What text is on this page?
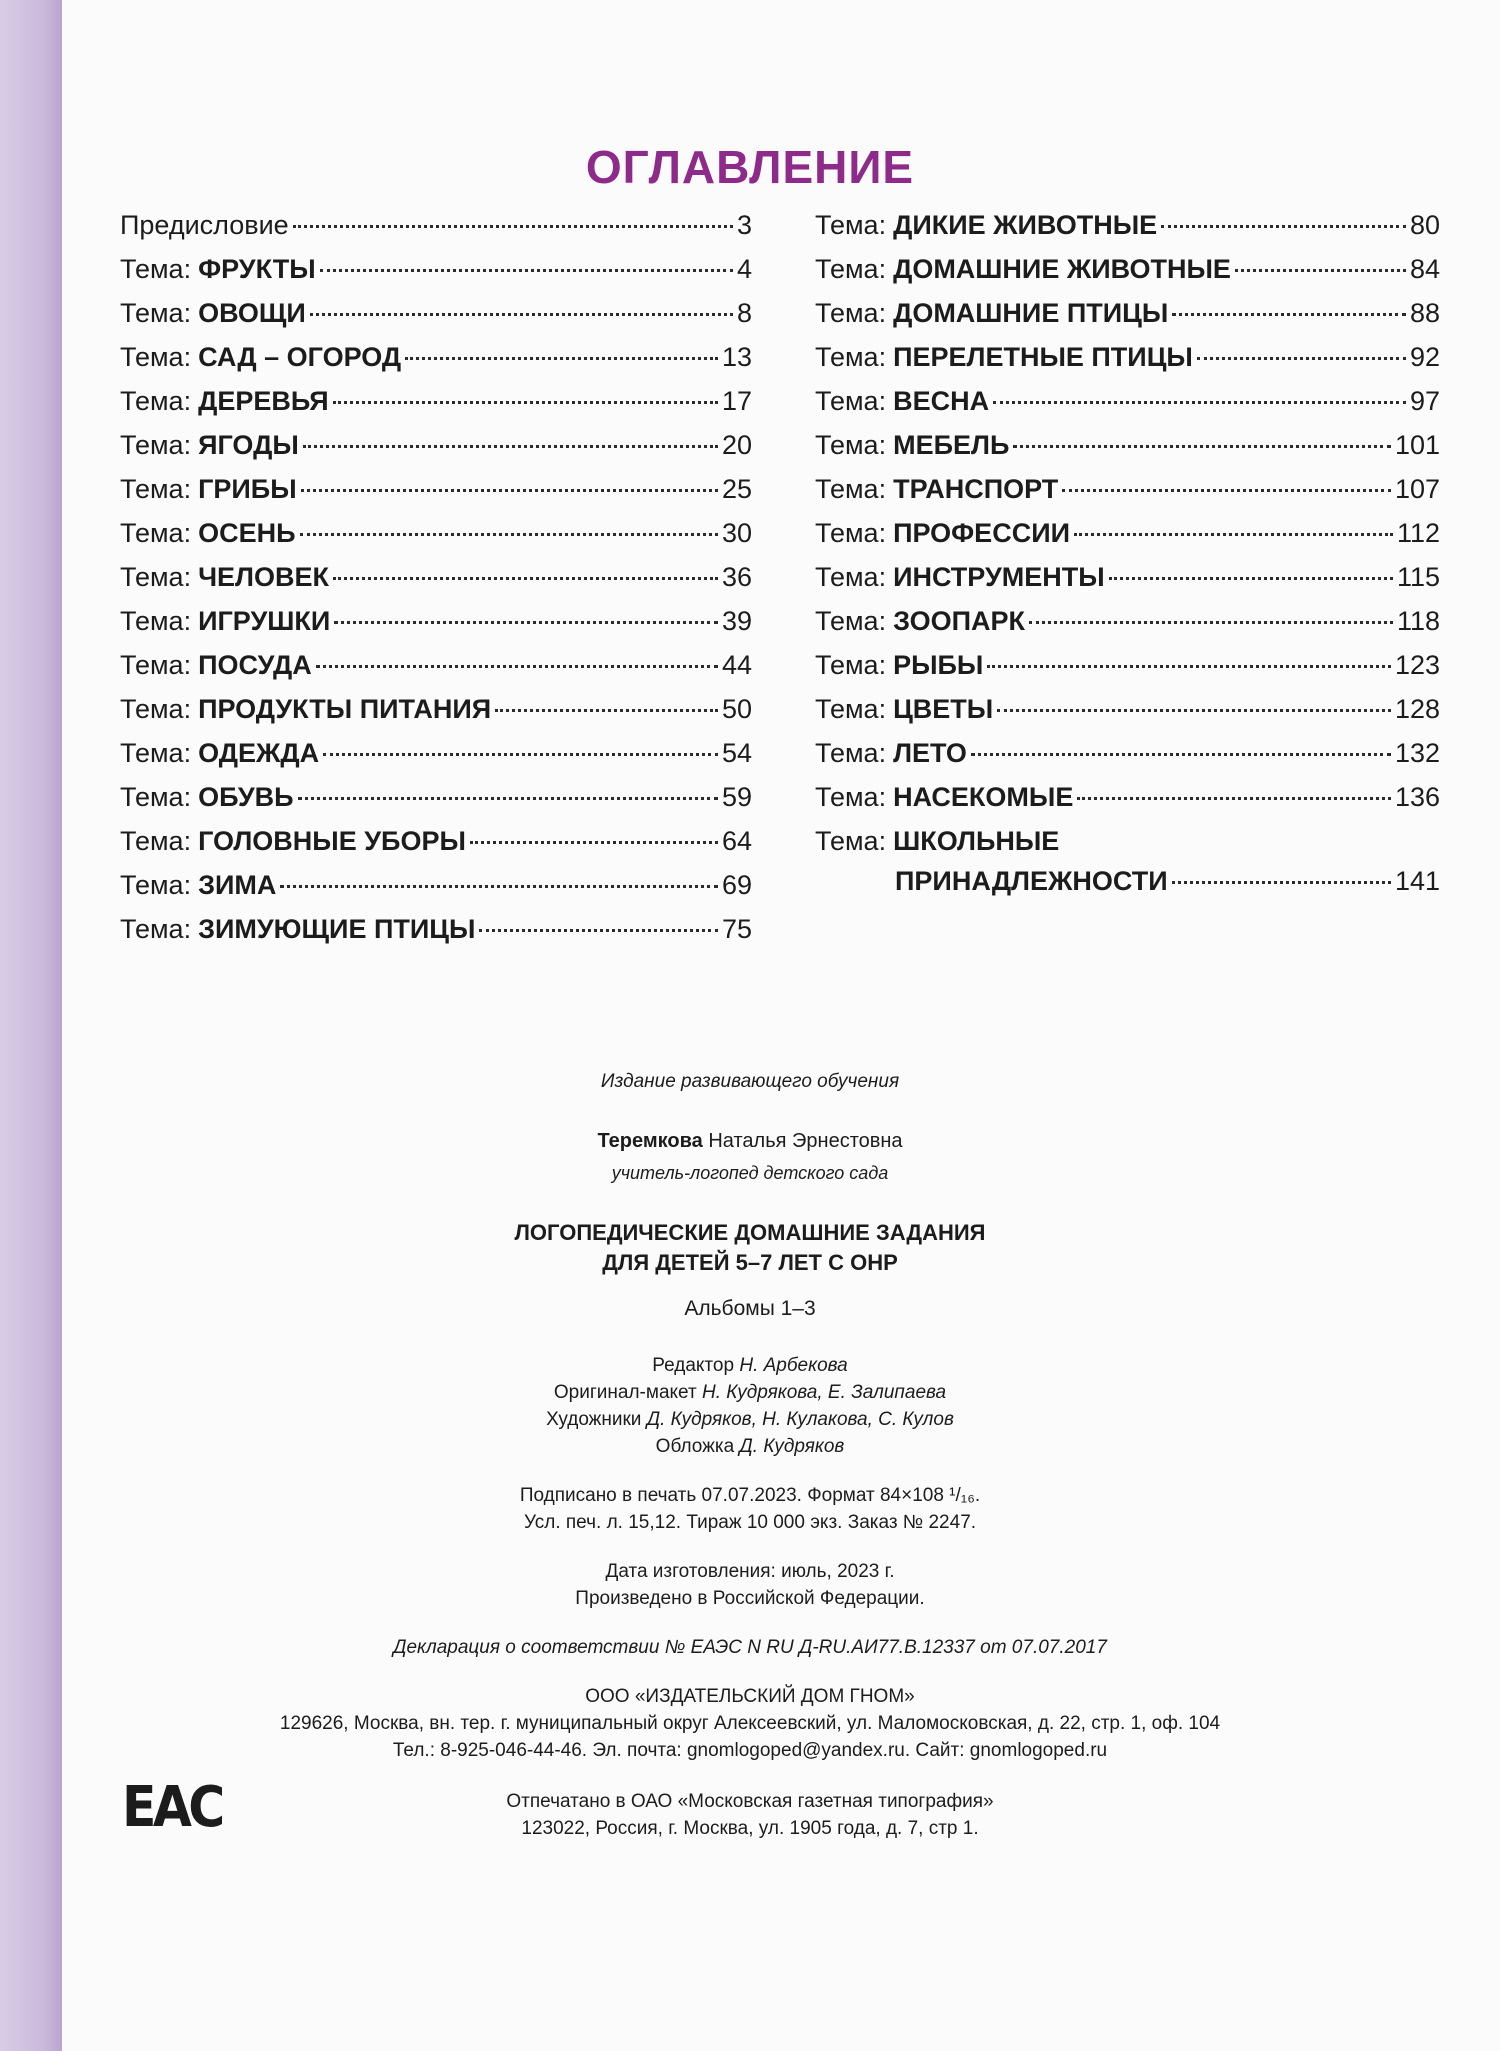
ОГЛАВЛЕНИЕ
Предисловие	3
Тема: ФРУКТЫ	4
Тема: ОВОЩИ	8
Тема: САД – ОГОРОД	13
Тема: ДЕРЕВЬЯ	17
Тема: ЯГОДЫ	20
Тема: ГРИБЫ	25
Тема: ОСЕНЬ	30
Тема: ЧЕЛОВЕК	36
Тема: ИГРУШКИ	39
Тема: ПОСУДА	44
Тема: ПРОДУКТЫ ПИТАНИЯ	50
Тема: ОДЕЖДА	54
Тема: ОБУВЬ	59
Тема: ГОЛОВНЫЕ УБОРЫ	64
Тема: ЗИМА	69
Тема: ЗИМУЮЩИЕ ПТИЦЫ	75
Тема: ДИКИЕ ЖИВОТНЫЕ	80
Тема: ДОМАШНИЕ ЖИВОТНЫЕ	84
Тема: ДОМАШНИЕ ПТИЦЫ	88
Тема: ПЕРЕЛЕТНЫЕ ПТИЦЫ	92
Тема: ВЕСНА	97
Тема: МЕБЕЛЬ	101
Тема: ТРАНСПОРТ	107
Тема: ПРОФЕССИИ	112
Тема: ИНСТРУМЕНТЫ	115
Тема: ЗООПАРК	118
Тема: РЫБЫ	123
Тема: ЦВЕТЫ	128
Тема: ЛЕТО	132
Тема: НАСЕКОМЫЕ	136
Тема: ШКОЛЬНЫЕ
ПРИНАДЛЕЖНОСТИ	141
Издание развивающего обучения
Теремкова Наталья Эрнестовна
учитель-логопед детского сада
ЛОГОПЕДИЧЕСКИЕ ДОМАШНИЕ ЗАДАНИЯ
ДЛЯ ДЕТЕЙ 5–7 ЛЕТ С ОНР
Альбомы 1–3
Редактор Н. Арбекова
Оригинал-макет Н. Кудрякова, Е. Залипаева
Художники Д. Кудряков, Н. Кулакова, С. Кулов
Обложка Д. Кудряков
Подписано в печать 07.07.2023. Формат 84×108 ¹/₁₆.
Усл. печ. л. 15,12. Тираж 10 000 экз. Заказ № 2247.
Дата изготовления: июль, 2023 г.
Произведено в Российской Федерации.
Декларация о соответствии № ЕАЭС N RU Д-RU.АИ77.В.12337 от 07.07.2017
ООО «ИЗДАТЕЛЬСКИЙ ДОМ ГНОМ»
129626, Москва, вн. тер. г. муниципальный округ Алексеевский, ул. Маломосковская, д. 22, стр. 1, оф. 104
Тел.: 8-925-046-44-46. Эл. почта: gnomlogoped@yandex.ru. Сайт: gnomlogoped.ru
ЕАС	Отпечатано в ОАО «Московская газетная типография»
123022, Россия, г. Москва, ул. 1905 года, д. 7, стр 1.
